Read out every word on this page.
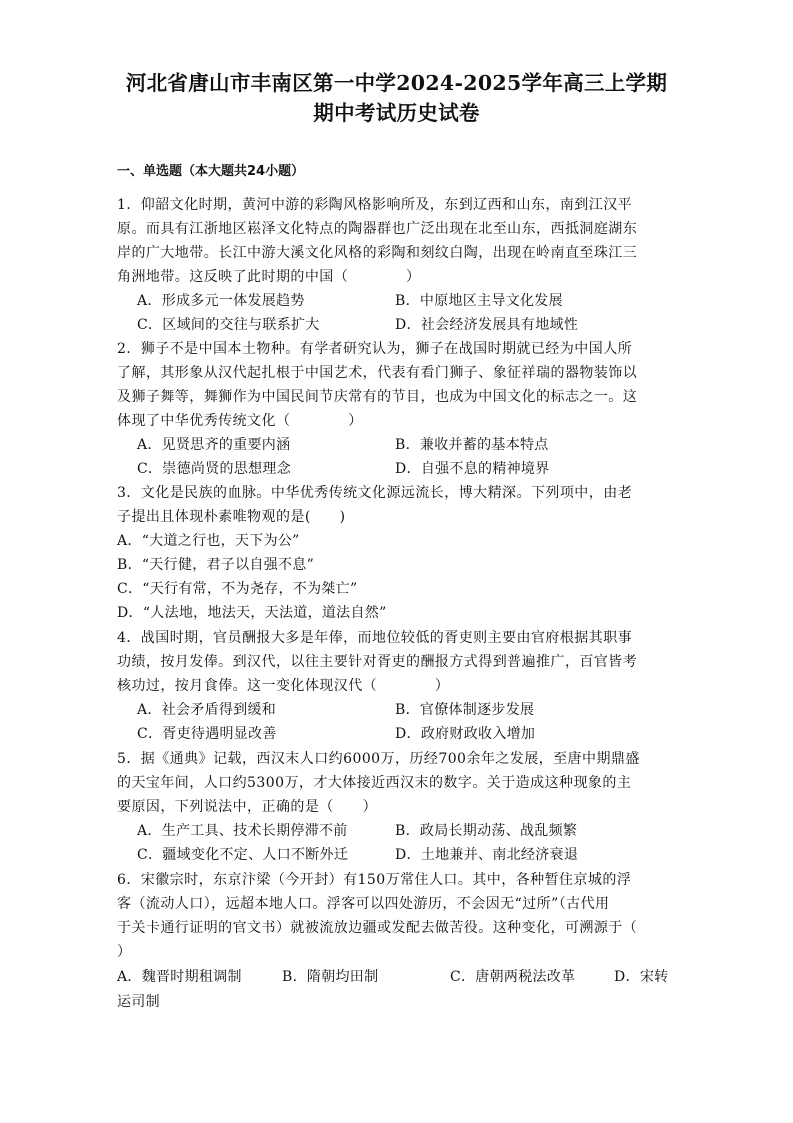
河北省唐山市丰南区第一中学2024-2025学年高三上学期
期中考试历史试卷
一、单选题（本大题共24小题）
1．仰韶文化时期，黄河中游的彩陶风格影响所及，东到辽西和山东，南到江汉平
原。而具有江浙地区崧泽文化特点的陶器群也广泛出现在北至山东，西抵洞庭湖东
岸的广大地带。长江中游大溪文化风格的彩陶和刻纹白陶，出现在岭南直至珠江三
角洲地带。这反映了此时期的中国（　　　　）
A．形成多元一体发展趋势	B．中原地区主导文化发展
C．区域间的交往与联系扩大	D．社会经济发展具有地域性
2．狮子不是中国本土物种。有学者研究认为，狮子在战国时期就已经为中国人所
了解，其形象从汉代起扎根于中国艺术，代表有看门狮子、象征祥瑞的器物装饰以
及狮子舞等，舞狮作为中国民间节庆常有的节目，也成为中国文化的标志之一。这
体现了中华优秀传统文化（　　　　）
A．见贤思齐的重要内涵	B．兼收并蓄的基本特点
C．崇德尚贤的思想理念	D．自强不息的精神境界
3．文化是民族的血脉。中华优秀传统文化源远流长，博大精深。下列项中，由老
子提出且体现朴素唯物观的是(　　)
A．“大道之行也，天下为公”
B．“天行健，君子以自强不息”
C．“天行有常，不为尧存，不为桀亡”
D．“人法地，地法天，天法道，道法自然”
4．战国时期，官员酬报大多是年俸，而地位较低的胥吏则主要由官府根据其职事
功绩，按月发俸。到汉代，以往主要针对胥吏的酬报方式得到普遍推广，百官皆考
核功过，按月食俸。这一变化体现汉代（　　　　）
A．社会矛盾得到缓和	B．官僚体制逐步发展
C．胥吏待遇明显改善	D．政府财政收入增加
5．据《通典》记载，西汉末人口约6000万，历经700余年之发展，至唐中期鼎盛
的天宝年间，人口约5300万，才大体接近西汉末的数字。关于造成这种现象的主
要原因，下列说法中，正确的是（　　）
A．生产工具、技术长期停滞不前	B．政局长期动荡、战乱频繁
C．疆域变化不定、人口不断外迁	D．土地兼并、南北经济衰退
6．宋徽宗时，东京汴梁（今开封）有150万常住人口。其中，各种暂住京城的浮
客（流动人口），远超本地人口。浮客可以四处游历，不会因无“过所”（古代用
于关卡通行证明的官文书）就被流放边疆或发配去做苦役。这种变化，可溯源于（
）
A．魏晋时期租调制	B．隋朝均田制	C．唐朝两税法改革	D．宋转
运司制
